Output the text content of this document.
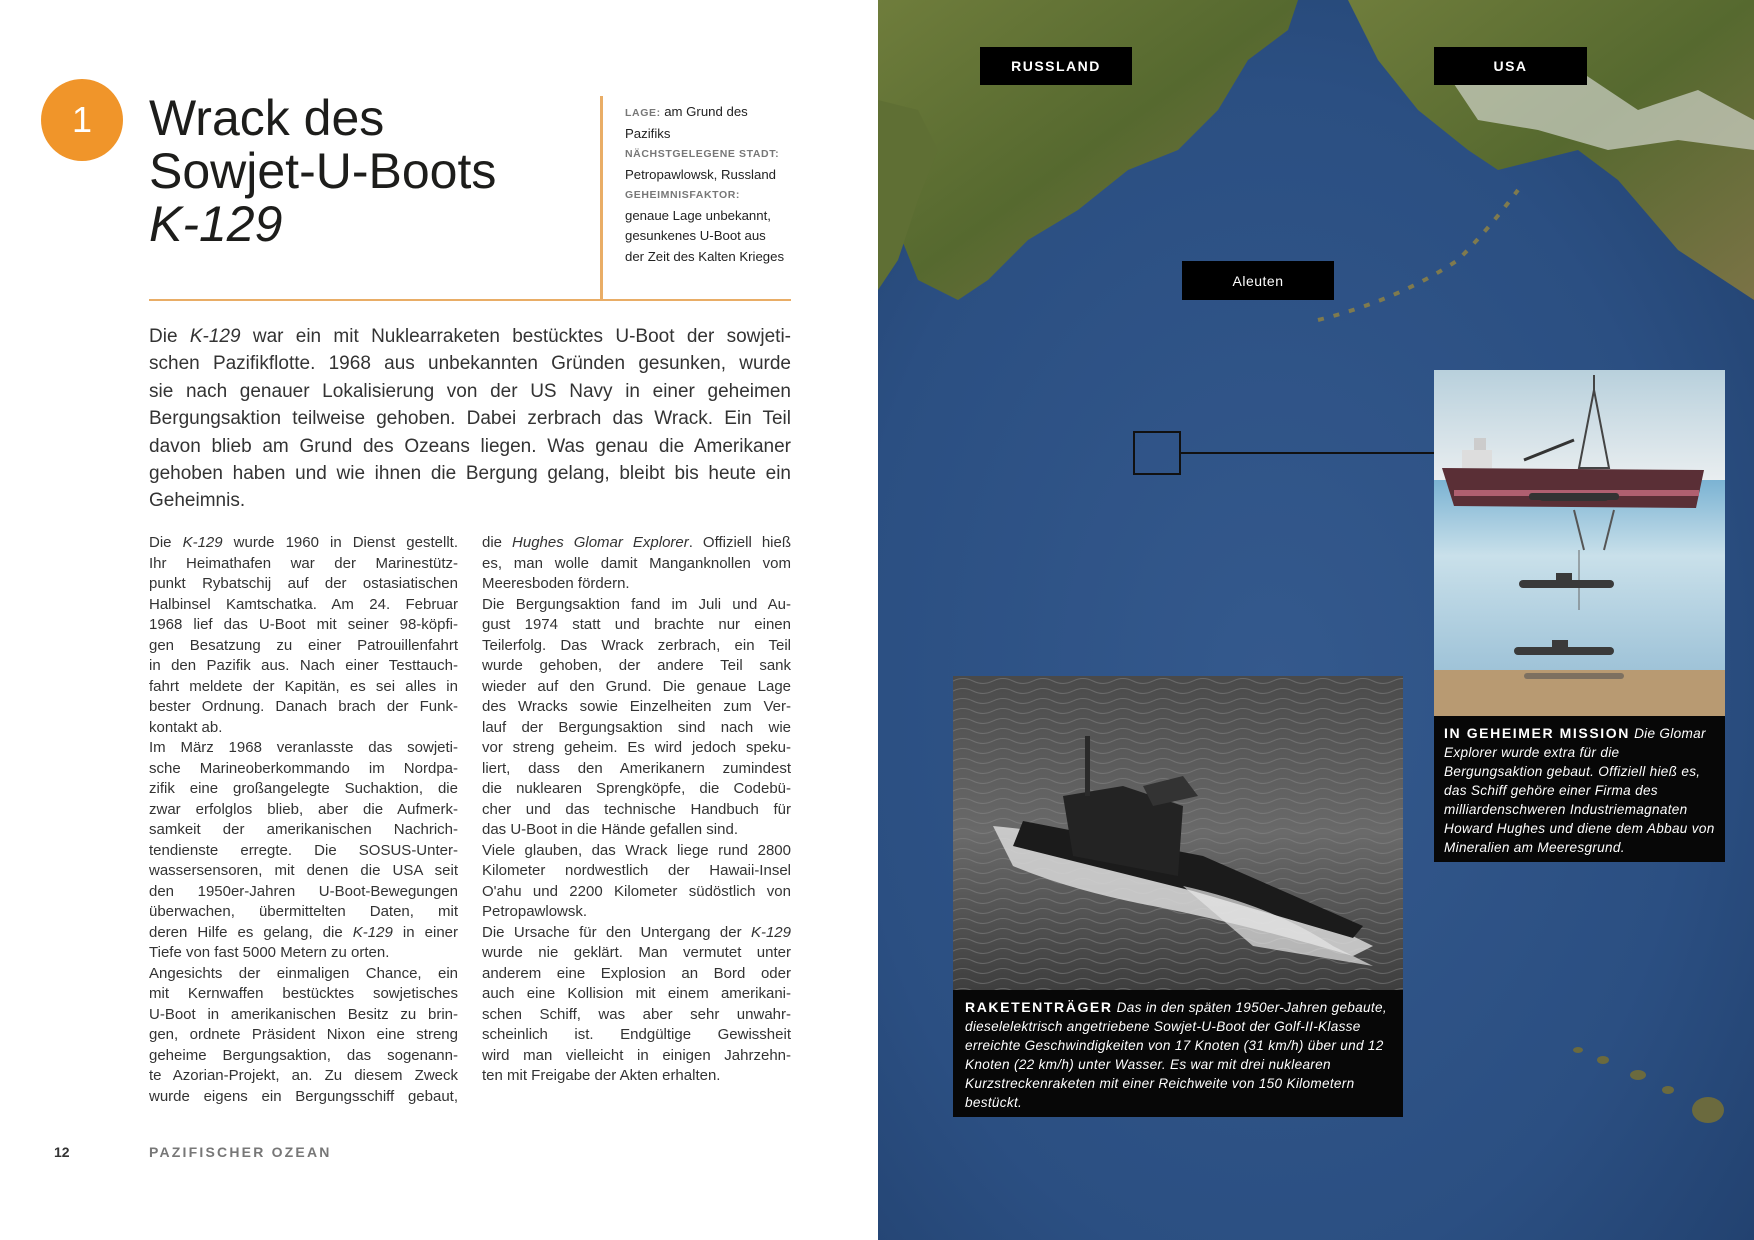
1	Wrack des
Sowjet-U-Boots
K-129
LAGE: am Grund des
Pazifiks
NÄCHSTGELEGENE STADT:
Petropawlowsk, Russland
GEHEIMNISFAKTOR:
genaue Lage unbekannt,
gesunkenes U-Boot aus
der Zeit des Kalten Krieges
Die K-129 war ein mit Nuklearraketen bestücktes U-Boot der sowjeti-
schen Pazifikflotte. 1968 aus unbekannten Gründen gesunken, wurde
sie nach genauer Lokalisierung von der US Navy in einer geheimen
Bergungsaktion teilweise gehoben. Dabei zerbrach das Wrack. Ein Teil
davon blieb am Grund des Ozeans liegen. Was genau die Amerikaner
gehoben haben und wie ihnen die Bergung gelang, bleibt bis heute ein
Geheimnis.
Die K-129 wurde 1960 in Dienst gestellt.
Ihr Heimathafen war der Marinestütz-
punkt Rybatschij auf der ostasiatischen
Halbinsel Kamtschatka. Am 24. Februar
1968 lief das U-Boot mit seiner 98-köpfi-
gen Besatzung zu einer Patrouillenfahrt
in den Pazifik aus. Nach einer Testtauch-
fahrt meldete der Kapitän, es sei alles in
bester Ordnung. Danach brach der Funk-
kontakt ab.
Im März 1968 veranlasste das sowjeti-
sche Marineoberkommando im Nordpa-
zifik eine großangelegte Suchaktion, die
zwar erfolglos blieb, aber die Aufmerk-
samkeit der amerikanischen Nachrich-
tendienste erregte. Die SOSUS-Unter-
wassersensoren, mit denen die USA seit
den 1950er-Jahren U-Boot-Bewegungen
überwachen, übermittelten Daten, mit
deren Hilfe es gelang, die K-129 in einer
Tiefe von fast 5000 Metern zu orten.
Angesichts der einmaligen Chance, ein
mit Kernwaffen bestücktes sowjetisches
U-Boot in amerikanischen Besitz zu brin-
gen, ordnete Präsident Nixon eine streng
geheime Bergungsaktion, das sogenann-
te Azorian-Projekt, an. Zu diesem Zweck
wurde eigens ein Bergungsschiff gebaut,
die Hughes Glomar Explorer. Offiziell hieß
es, man wolle damit Manganknollen vom
Meeresboden fördern.
Die Bergungsaktion fand im Juli und Au-
gust 1974 statt und brachte nur einen
Teilerfolg. Das Wrack zerbrach, ein Teil
wurde gehoben, der andere Teil sank
wieder auf den Grund. Die genaue Lage
des Wracks sowie Einzelheiten zum Ver-
lauf der Bergungsaktion sind nach wie
vor streng geheim. Es wird jedoch speku-
liert, dass den Amerikanern zumindest
die nuklearen Sprengköpfe, die Codebü-
cher und das technische Handbuch für
das U-Boot in die Hände gefallen sind.
Viele glauben, das Wrack liege rund 2800
Kilometer nordwestlich der Hawaii-Insel
O'ahu und 2200 Kilometer südöstlich von
Petropawlowsk.
Die Ursache für den Untergang der K-129
wurde nie geklärt. Man vermutet unter
anderem eine Explosion an Bord oder
auch eine Kollision mit einem amerikani-
schen Schiff, was aber sehr unwahr-
scheinlich ist. Endgültige Gewissheit
wird man vielleicht in einigen Jahrzehn-
ten mit Freigabe der Akten erhalten.
12	PAZIFISCHER OZEAN
RUSSLAND	USA
Aleuten
IN GEHEIMER MISSION Die Glomar Explorer wurde extra für die Bergungsaktion gebaut. Offiziell hieß es, das Schiff gehöre einer Firma des milliardenschweren Industriemagnaten Howard Hughes und diene dem Abbau von Mineralien am Meeresgrund.
RAKETENTRÄGER Das in den späten 1950er-Jahren gebaute, dieselelektrisch angetriebene Sowjet-U-Boot der Golf-II-Klasse erreichte Geschwindigkeiten von 17 Knoten (31 km/h) über und 12 Knoten (22 km/h) unter Wasser. Es war mit drei nuklearen Kurzstreckenraketen mit einer Reichweite von 150 Kilometern bestückt.
